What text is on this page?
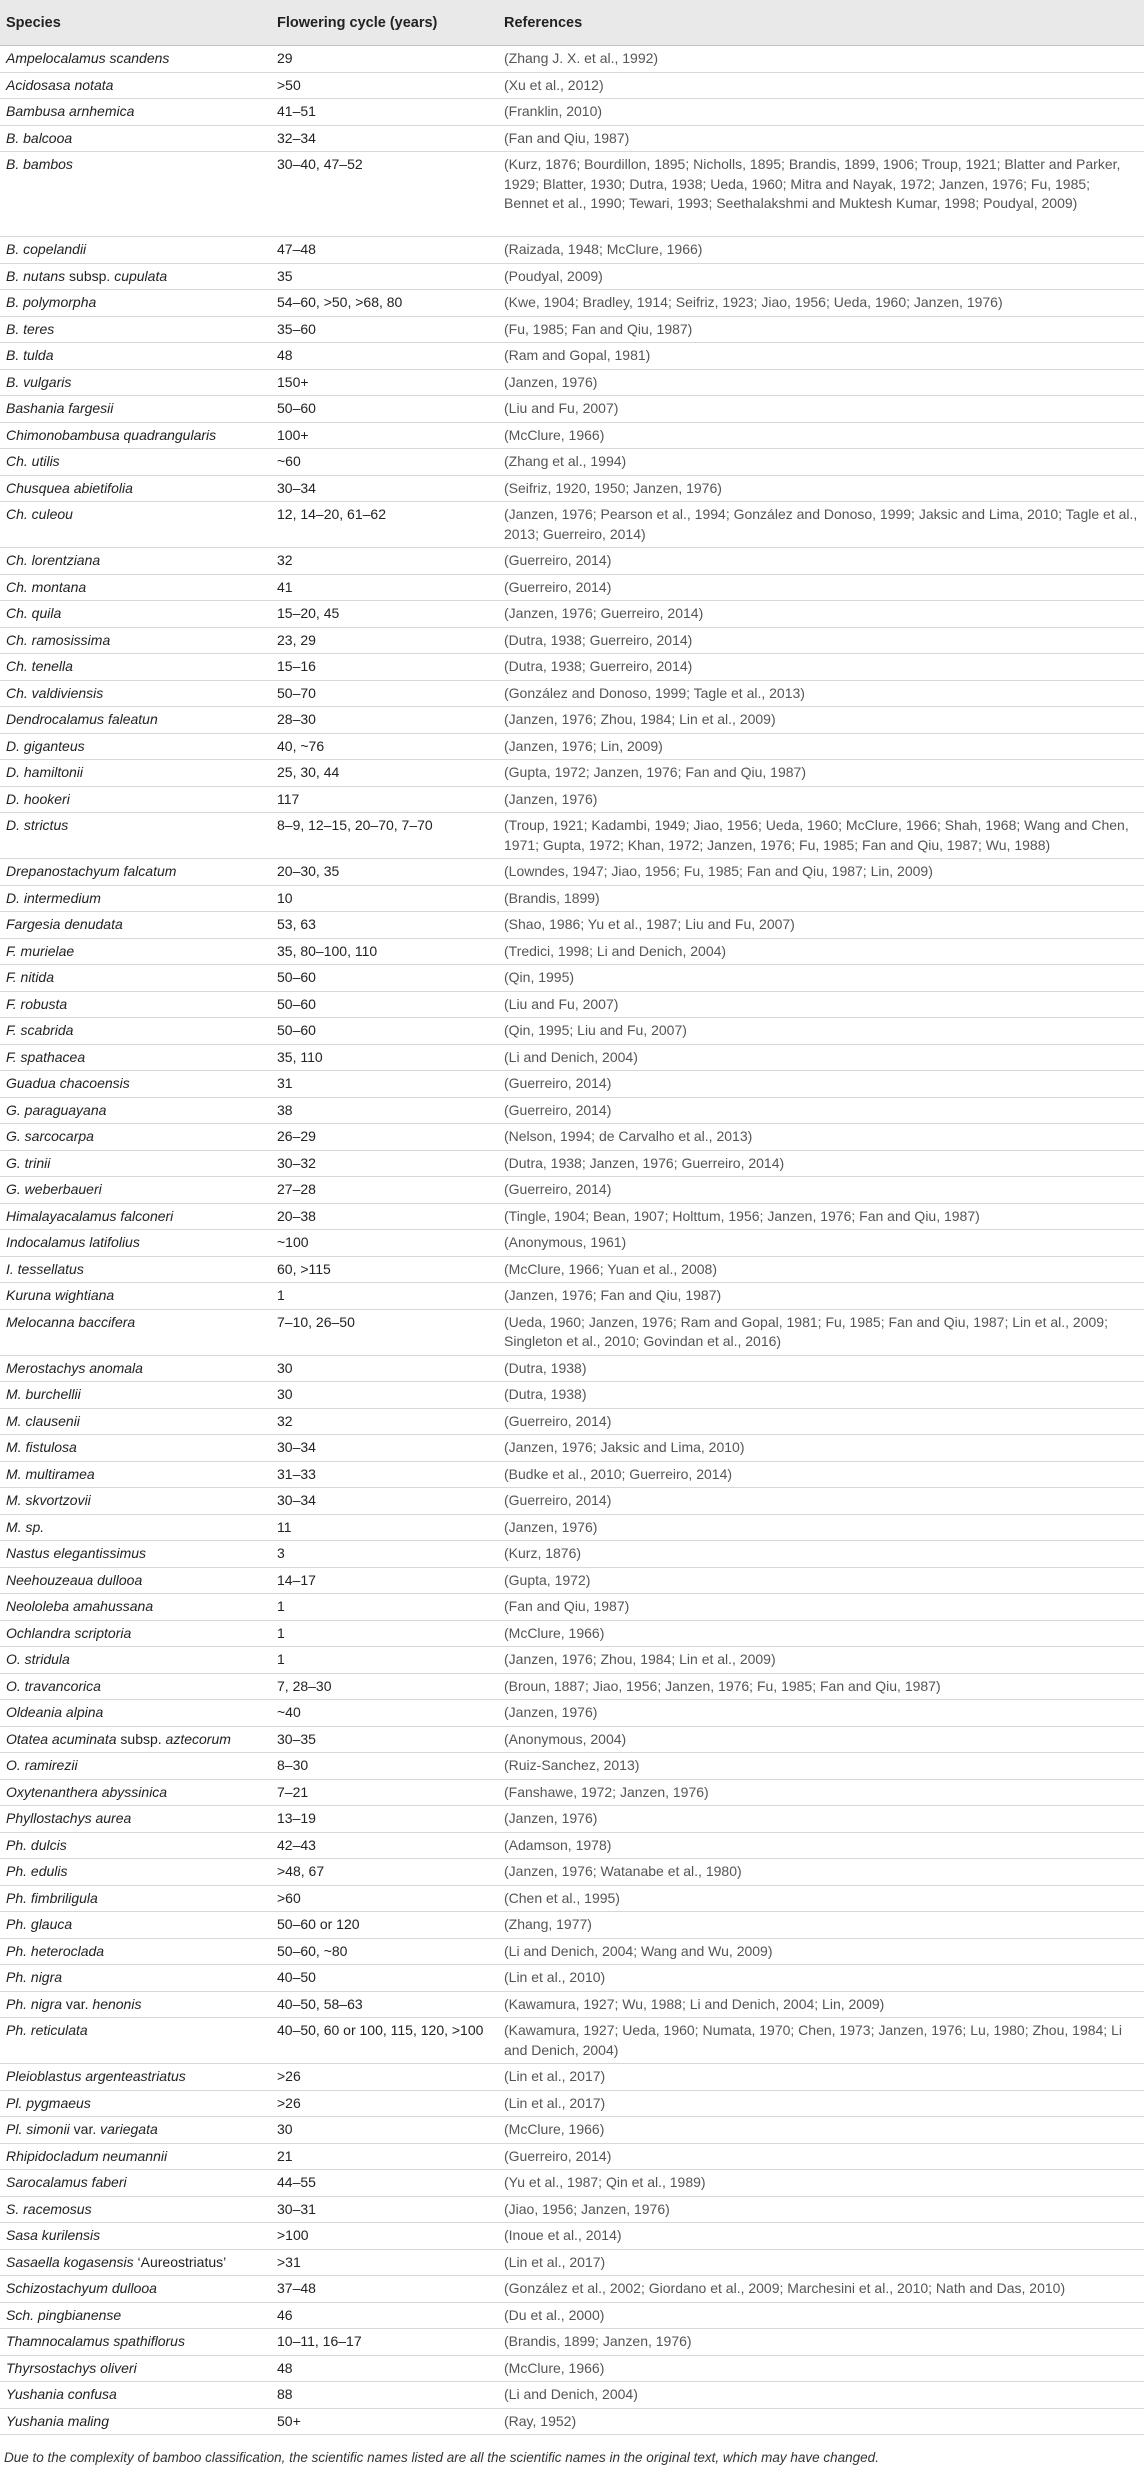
Species	Flowering cycle (years)	References
Ampelocalamus scandens	29	(Zhang J. X. et al., 1992)
Acidosasa notata	>50	(Xu et al., 2012)
Bambusa arnhemica	41–51	(Franklin, 2010)
B. balcooa	32–34	(Fan and Qiu, 1987)
B. bambos	30–40, 47–52	(Kurz, 1876; Bourdillon, 1895; Nicholls, 1895; Brandis, 1899, 1906; Troup, 1921; Blatter and Parker, 1929; Blatter, 1930; Dutra, 1938; Ueda, 1960; Mitra and Nayak, 1972; Janzen, 1976; Fu, 1985; Bennet et al., 1990; Tewari, 1993; Seethalakshmi and Muktesh Kumar, 1998; Poudyal, 2009)
B. copelandii	47–48	(Raizada, 1948; McClure, 1966)
B. nutans subsp. cupulata	35	(Poudyal, 2009)
B. polymorpha	54–60, >50, >68, 80	(Kwe, 1904; Bradley, 1914; Seifriz, 1923; Jiao, 1956; Ueda, 1960; Janzen, 1976)
B. teres	35–60	(Fu, 1985; Fan and Qiu, 1987)
B. tulda	48	(Ram and Gopal, 1981)
B. vulgaris	150+	(Janzen, 1976)
Bashania fargesii	50–60	(Liu and Fu, 2007)
Chimonobambusa quadrangularis	100+	(McClure, 1966)
Ch. utilis	~60	(Zhang et al., 1994)
Chusquea abietifolia	30–34	(Seifriz, 1920, 1950; Janzen, 1976)
Ch. culeou	12, 14–20, 61–62	(Janzen, 1976; Pearson et al., 1994; González and Donoso, 1999; Jaksic and Lima, 2010; Tagle et al., 2013; Guerreiro, 2014)
Ch. lorentziana	32	(Guerreiro, 2014)
Ch. montana	41	(Guerreiro, 2014)
Ch. quila	15–20, 45	(Janzen, 1976; Guerreiro, 2014)
Ch. ramosissima	23, 29	(Dutra, 1938; Guerreiro, 2014)
Ch. tenella	15–16	(Dutra, 1938; Guerreiro, 2014)
Ch. valdiviensis	50–70	(González and Donoso, 1999; Tagle et al., 2013)
Dendrocalamus faleatun	28–30	(Janzen, 1976; Zhou, 1984; Lin et al., 2009)
D. giganteus	40, ~76	(Janzen, 1976; Lin, 2009)
D. hamiltonii	25, 30, 44	(Gupta, 1972; Janzen, 1976; Fan and Qiu, 1987)
D. hookeri	117	(Janzen, 1976)
D. strictus	8–9, 12–15, 20–70, 7–70	(Troup, 1921; Kadambi, 1949; Jiao, 1956; Ueda, 1960; McClure, 1966; Shah, 1968; Wang and Chen, 1971; Gupta, 1972; Khan, 1972; Janzen, 1976; Fu, 1985; Fan and Qiu, 1987; Wu, 1988)
Drepanostachyum falcatum	20–30, 35	(Lowndes, 1947; Jiao, 1956; Fu, 1985; Fan and Qiu, 1987; Lin, 2009)
D. intermedium	10	(Brandis, 1899)
Fargesia denudata	53, 63	(Shao, 1986; Yu et al., 1987; Liu and Fu, 2007)
F. murielae	35, 80–100, 110	(Tredici, 1998; Li and Denich, 2004)
F. nitida	50–60	(Qin, 1995)
F. robusta	50–60	(Liu and Fu, 2007)
F. scabrida	50–60	(Qin, 1995; Liu and Fu, 2007)
F. spathacea	35, 110	(Li and Denich, 2004)
Guadua chacoensis	31	(Guerreiro, 2014)
G. paraguayana	38	(Guerreiro, 2014)
G. sarcocarpa	26–29	(Nelson, 1994; de Carvalho et al., 2013)
G. trinii	30–32	(Dutra, 1938; Janzen, 1976; Guerreiro, 2014)
G. weberbaueri	27–28	(Guerreiro, 2014)
Himalayacalamus falconeri	20–38	(Tingle, 1904; Bean, 1907; Holttum, 1956; Janzen, 1976; Fan and Qiu, 1987)
Indocalamus latifolius	~100	(Anonymous, 1961)
I. tessellatus	60, >115	(McClure, 1966; Yuan et al., 2008)
Kuruna wightiana	1	(Janzen, 1976; Fan and Qiu, 1987)
Melocanna baccifera	7–10, 26–50	(Ueda, 1960; Janzen, 1976; Ram and Gopal, 1981; Fu, 1985; Fan and Qiu, 1987; Lin et al., 2009; Singleton et al., 2010; Govindan et al., 2016)
Merostachys anomala	30	(Dutra, 1938)
M. burchellii	30	(Dutra, 1938)
M. clausenii	32	(Guerreiro, 2014)
M. fistulosa	30–34	(Janzen, 1976; Jaksic and Lima, 2010)
M. multiramea	31–33	(Budke et al., 2010; Guerreiro, 2014)
M. skvortzovii	30–34	(Guerreiro, 2014)
M. sp.	11	(Janzen, 1976)
Nastus elegantissimus	3	(Kurz, 1876)
Neehouzeaua dullooa	14–17	(Gupta, 1972)
Neololeba amahussana	1	(Fan and Qiu, 1987)
Ochlandra scriptoria	1	(McClure, 1966)
O. stridula	1	(Janzen, 1976; Zhou, 1984; Lin et al., 2009)
O. travancorica	7, 28–30	(Broun, 1887; Jiao, 1956; Janzen, 1976; Fu, 1985; Fan and Qiu, 1987)
Oldeania alpina	~40	(Janzen, 1976)
Otatea acuminata subsp. aztecorum	30–35	(Anonymous, 2004)
O. ramirezii	8–30	(Ruiz-Sanchez, 2013)
Oxytenanthera abyssinica	7–21	(Fanshawe, 1972; Janzen, 1976)
Phyllostachys aurea	13–19	(Janzen, 1976)
Ph. dulcis	42–43	(Adamson, 1978)
Ph. edulis	>48, 67	(Janzen, 1976; Watanabe et al., 1980)
Ph. fimbriligula	>60	(Chen et al., 1995)
Ph. glauca	50–60 or 120	(Zhang, 1977)
Ph. heteroclada	50–60, ~80	(Li and Denich, 2004; Wang and Wu, 2009)
Ph. nigra	40–50	(Lin et al., 2010)
Ph. nigra var. henonis	40–50, 58–63	(Kawamura, 1927; Wu, 1988; Li and Denich, 2004; Lin, 2009)
Ph. reticulata	40–50, 60 or 100, 115, 120, >100	(Kawamura, 1927; Ueda, 1960; Numata, 1970; Chen, 1973; Janzen, 1976; Lu, 1980; Zhou, 1984; Li and Denich, 2004)
Pleioblastus argenteastriatus	>26	(Lin et al., 2017)
Pl. pygmaeus	>26	(Lin et al., 2017)
Pl. simonii var. variegata	30	(McClure, 1966)
Rhipidocladum neumannii	21	(Guerreiro, 2014)
Sarocalamus faberi	44–55	(Yu et al., 1987; Qin et al., 1989)
S. racemosus	30–31	(Jiao, 1956; Janzen, 1976)
Sasa kurilensis	>100	(Inoue et al., 2014)
Sasaella kogasensis ‘Aureostriatus’	>31	(Lin et al., 2017)
Schizostachyum dullooa	37–48	(González et al., 2002; Giordano et al., 2009; Marchesini et al., 2010; Nath and Das, 2010)
Sch. pingbianense	46	(Du et al., 2000)
Thamnocalamus spathiflorus	10–11, 16–17	(Brandis, 1899; Janzen, 1976)
Thyrsostachys oliveri	48	(McClure, 1966)
Yushania confusa	88	(Li and Denich, 2004)
Yushania maling	50+	(Ray, 1952)
Due to the complexity of bamboo classification, the scientific names listed are all the scientific names in the original text, which may have changed.
